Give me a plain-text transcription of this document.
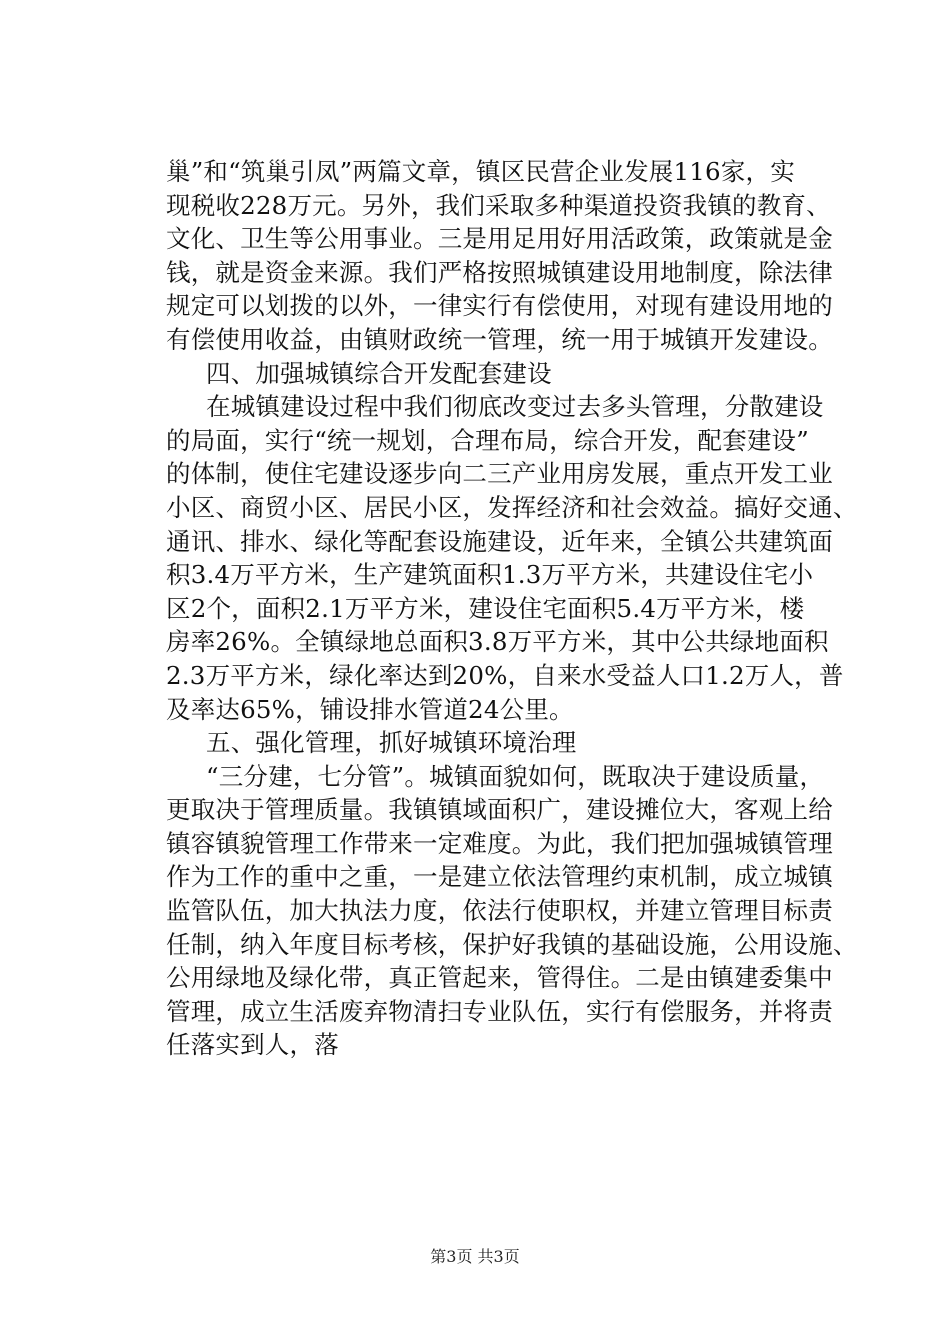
巢”和“筑巢引凤”两篇文章，镇区民营企业发展116家，实
现税收228万元。另外，我们采取多种渠道投资我镇的教育、
文化、卫生等公用事业。三是用足用好用活政策，政策就是金
钱，就是资金来源。我们严格按照城镇建设用地制度，除法律
规定可以划拨的以外，一律实行有偿使用，对现有建设用地的
有偿使用收益，由镇财政统一管理，统一用于城镇开发建设。
四、加强城镇综合开发配套建设
在城镇建设过程中我们彻底改变过去多头管理，分散建设
的局面，实行“统一规划，合理布局，综合开发，配套建设”
的体制，使住宅建设逐步向二三产业用房发展，重点开发工业
小区、商贸小区、居民小区，发挥经济和社会效益。搞好交通、
通讯、排水、绿化等配套设施建设，近年来，全镇公共建筑面
积3.4万平方米，生产建筑面积1.3万平方米，共建设住宅小
区2个，面积2.1万平方米，建设住宅面积5.4万平方米，楼
房率26%。全镇绿地总面积3.8万平方米，其中公共绿地面积
2.3万平方米，绿化率达到20%，自来水受益人口1.2万人，普
及率达65%，铺设排水管道24公里。
五、强化管理，抓好城镇环境治理
“三分建，七分管”。城镇面貌如何，既取决于建设质量，
更取决于管理质量。我镇镇域面积广，建设摊位大，客观上给
镇容镇貌管理工作带来一定难度。为此，我们把加强城镇管理
作为工作的重中之重，一是建立依法管理约束机制，成立城镇
监管队伍，加大执法力度，依法行使职权，并建立管理目标责
任制，纳入年度目标考核，保护好我镇的基础设施，公用设施、
公用绿地及绿化带，真正管起来，管得住。二是由镇建委集中
管理，成立生活废弃物清扫专业队伍，实行有偿服务，并将责
任落实到人，落
第3页 共3页
